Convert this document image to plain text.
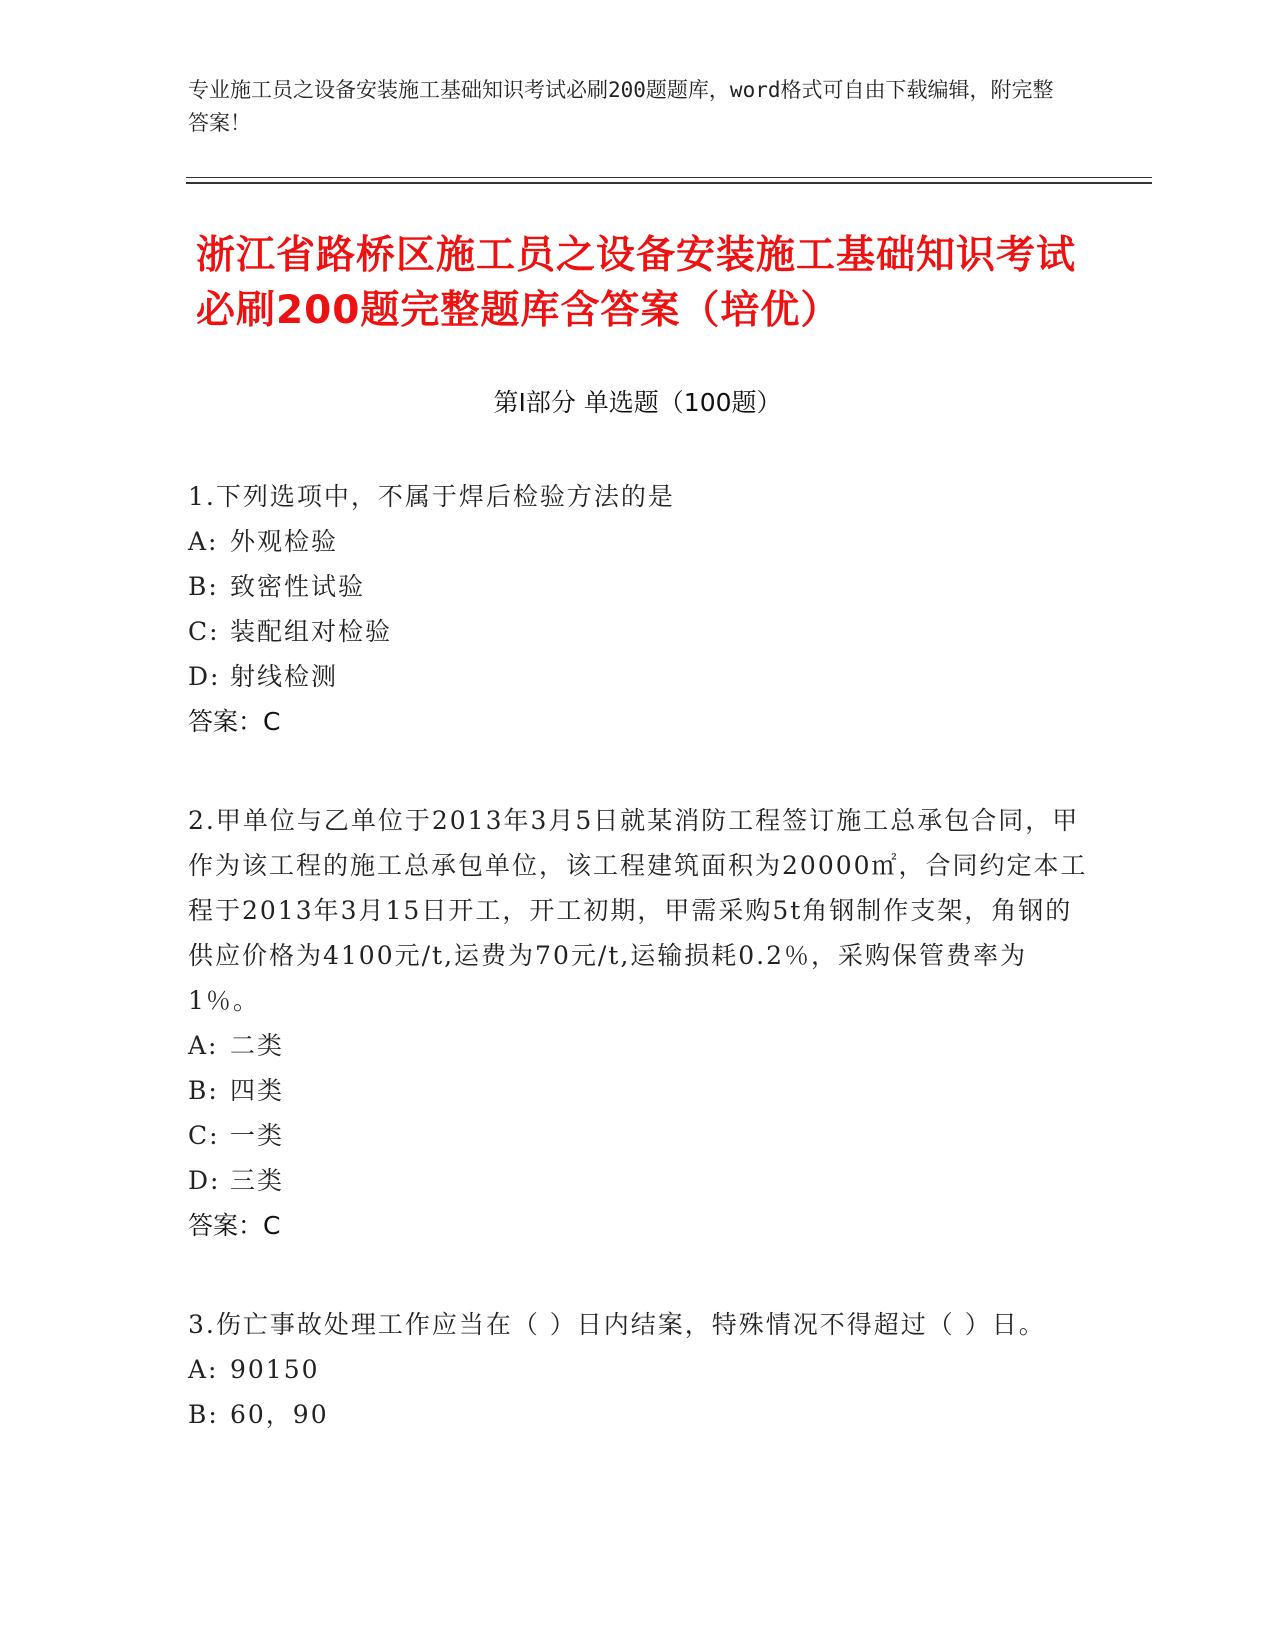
专业施工员之设备安装施工基础知识考试必刷200题题库，word格式可自由下载编辑，附完整答案！
浙江省路桥区施工员之设备安装施工基础知识考试必刷200题完整题库含答案（培优）
第Ⅰ部分 单选题（100题）
1.下列选项中，不属于焊后检验方法的是
A: 外观检验
B: 致密性试验
C: 装配组对检验
D: 射线检测
答案：C
2.甲单位与乙单位于2013年3月5日就某消防工程签订施工总承包合同，甲作为该工程的施工总承包单位，该工程建筑面积为20000㎡，合同约定本工程于2013年3月15日开工，开工初期，甲需采购5t角钢制作支架，角钢的供应价格为4100元/t,运费为70元/t,运输损耗0.2％，采购保管费率为1％。
A: 二类
B: 四类
C: 一类
D: 三类
答案：C
3.伤亡事故处理工作应当在（ ）日内结案，特殊情况不得超过（ ）日。
A: 90150
B: 60，90
